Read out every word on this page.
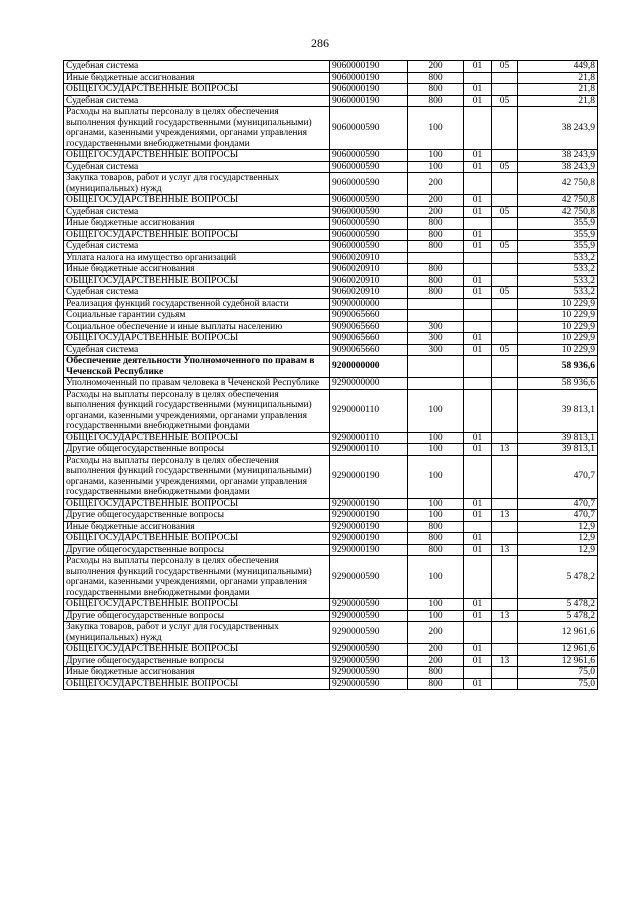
286
Судебная система	9060000190	200	01	05	449,8
Иные бюджетные ассигнования	9060000190	800			21,8
ОБЩЕГОСУДАРСТВЕННЫЕ ВОПРОСЫ	9060000190	800	01		21,8
Судебная система	9060000190	800	01	05	21,8
Расходы на выплаты персоналу в целях обеспечения выполнения функций государственными (муниципальными) органами, казенными учреждениями, органами управления государственными внебюджетными фондами	9060000590	100			38 243,9
ОБЩЕГОСУДАРСТВЕННЫЕ ВОПРОСЫ	9060000590	100	01		38 243,9
Судебная система	9060000590	100	01	05	38 243,9
Закупка товаров, работ и услуг для государственных (муниципальных) нужд	9060000590	200			42 750,8
ОБЩЕГОСУДАРСТВЕННЫЕ ВОПРОСЫ	9060000590	200	01		42 750,8
Судебная система	9060000590	200	01	05	42 750,8
Иные бюджетные ассигнования	9060000590	800			355,9
ОБЩЕГОСУДАРСТВЕННЫЕ ВОПРОСЫ	9060000590	800	01		355,9
Судебная система	9060000590	800	01	05	355,9
Уплата налога на имущество организаций	9060020910				533,2
Иные бюджетные ассигнования	9060020910	800			533,2
ОБЩЕГОСУДАРСТВЕННЫЕ ВОПРОСЫ	9060020910	800	01		533,2
Судебная система	9060020910	800	01	05	533,2
Реализация функций государственной судебной власти	9090000000				10 229,9
Социальные гарантии судьям	9090065660				10 229,9
Социальное обеспечение и иные выплаты населению	9090065660	300			10 229,9
ОБЩЕГОСУДАРСТВЕННЫЕ ВОПРОСЫ	9090065660	300	01		10 229,9
Судебная система	9090065660	300	01	05	10 229,9
Обеспечение деятельности Уполномоченного по правам в Чеченской Республике	9200000000				58 936,6
Уполномоченный по правам человека в Чеченской Республике	9290000000				58 936,6
Расходы на выплаты персоналу в целях обеспечения выполнения функций государственными (муниципальными) органами, казенными учреждениями, органами управления государственными внебюджетными фондами	9290000110	100			39 813,1
ОБЩЕГОСУДАРСТВЕННЫЕ ВОПРОСЫ	9290000110	100	01		39 813,1
Другие общегосударственные вопросы	9290000110	100	01	13	39 813,1
Расходы на выплаты персоналу в целях обеспечения выполнения функций государственными (муниципальными) органами, казенными учреждениями, органами управления государственными внебюджетными фондами	9290000190	100			470,7
ОБЩЕГОСУДАРСТВЕННЫЕ ВОПРОСЫ	9290000190	100	01		470,7
Другие общегосударственные вопросы	9290000190	100	01	13	470,7
Иные бюджетные ассигнования	9290000190	800			12,9
ОБЩЕГОСУДАРСТВЕННЫЕ ВОПРОСЫ	9290000190	800	01		12,9
Другие общегосударственные вопросы	9290000190	800	01	13	12,9
Расходы на выплаты персоналу в целях обеспечения выполнения функций государственными (муниципальными) органами, казенными учреждениями, органами управления государственными внебюджетными фондами	9290000590	100			5 478,2
ОБЩЕГОСУДАРСТВЕННЫЕ ВОПРОСЫ	9290000590	100	01		5 478,2
Другие общегосударственные вопросы	9290000590	100	01	13	5 478,2
Закупка товаров, работ и услуг для государственных (муниципальных) нужд	9290000590	200			12 961,6
ОБЩЕГОСУДАРСТВЕННЫЕ ВОПРОСЫ	9290000590	200	01		12 961,6
Другие общегосударственные вопросы	9290000590	200	01	13	12 961,6
Иные бюджетные ассигнования	9290000590	800			75,0
ОБЩЕГОСУДАРСТВЕННЫЕ ВОПРОСЫ	9290000590	800	01		75,0
